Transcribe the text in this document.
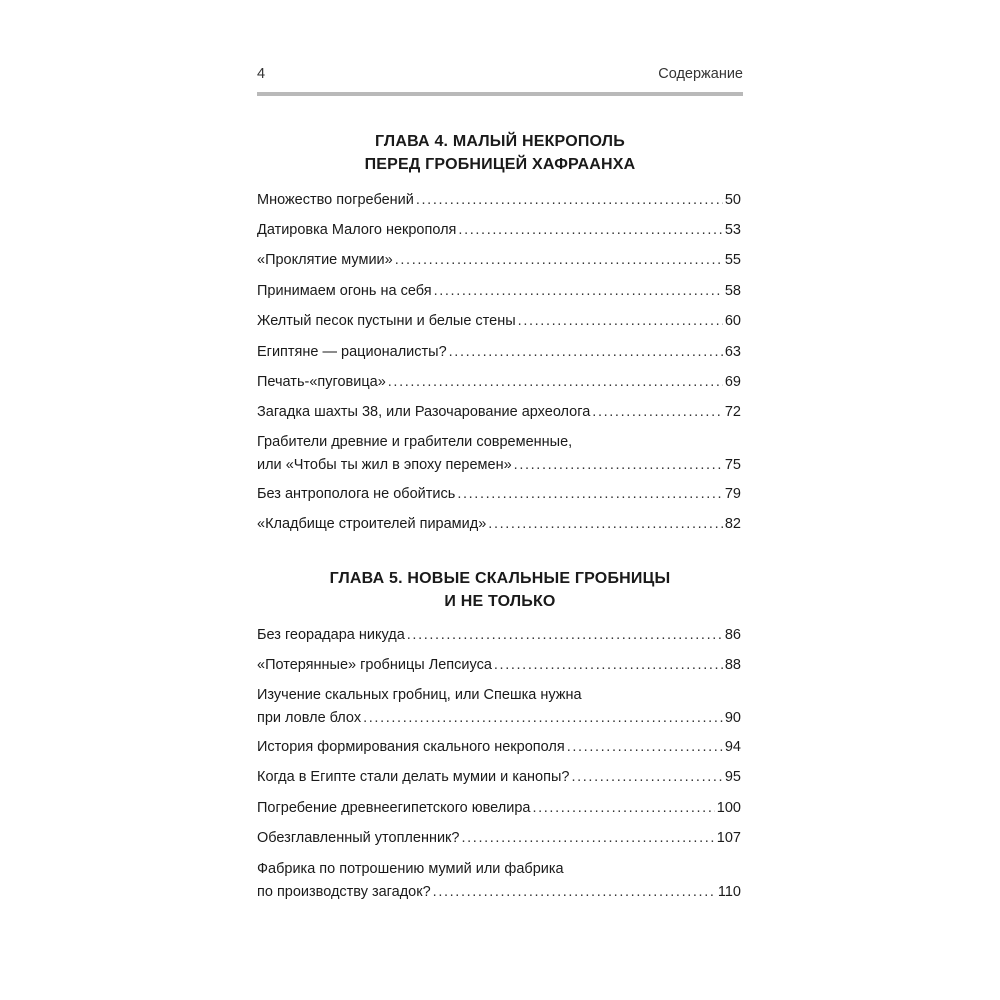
4	Содержание
ГЛАВА 4. МАЛЫЙ НЕКРОПОЛЬ
ПЕРЕД ГРОБНИЦЕЙ ХАФРААНХА
Множество погребений . . .	50
Датировка Малого некрополя . . .	53
«Проклятие мумии» . . .	55
Принимаем огонь на себя . . .	58
Желтый песок пустыни и белые стены . . .	60
Египтяне — рационалисты? . . .	63
Печать-«пуговица» . . .	69
Загадка шахты 38, или Разочарование археолога . . .	72
Грабители древние и грабители современные,
или «Чтобы ты жил в эпоху перемен» . . .	75
Без антрополога не обойтись . . .	79
«Кладбище строителей пирамид» . . .	82
ГЛАВА 5. НОВЫЕ СКАЛЬНЫЕ ГРОБНИЦЫ
И НЕ ТОЛЬКО
Без георадара никуда . . .	86
«Потерянные» гробницы Лепсиуса . . .	88
Изучение скальных гробниц, или Спешка нужна
при ловле блох . . .	90
История формирования скального некрополя . . .	94
Когда в Египте стали делать мумии и канопы? . . .	95
Погребение древнеегипетского ювелира . . .	100
Обезглавленный утопленник? . . .	107
Фабрика по потрошению мумий или фабрика
по производству загадок? . . .	110
